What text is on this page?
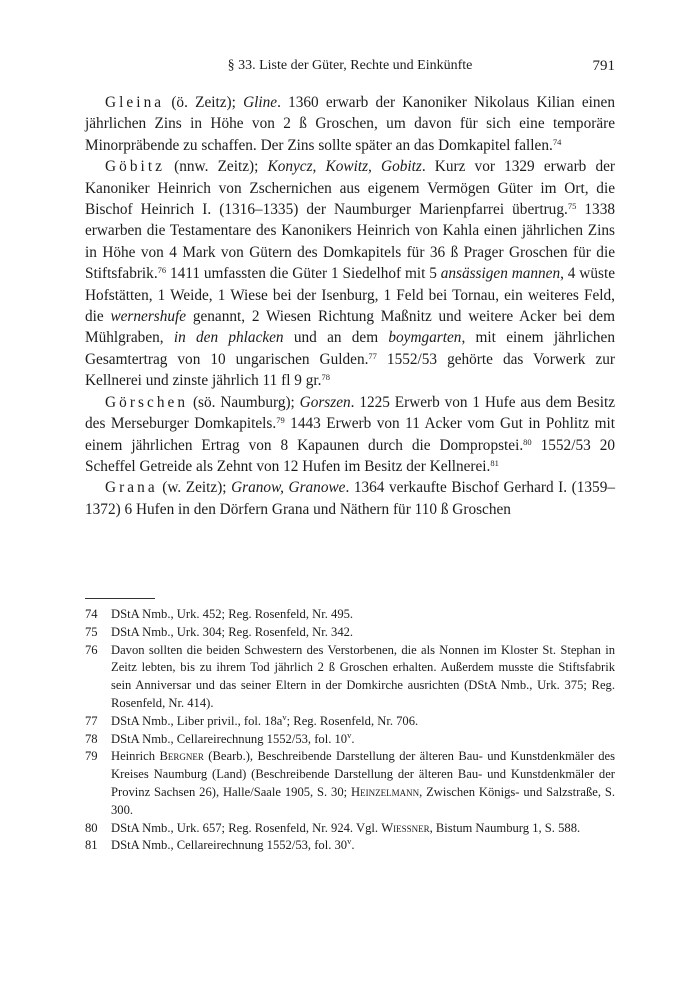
§ 33. Liste der Güter, Rechte und Einkünfte	791

Gleina (ö. Zeitz); Gline. 1360 erwarb der Kanoniker Nikolaus Kilian einen jährlichen Zins in Höhe von 2 ß Groschen, um davon für sich eine temporäre Minorpräbende zu schaffen. Der Zins sollte später an das Domkapitel fallen.$^{74}$

Göbitz (nnw. Zeitz); Konycz, Kowitz, Gobitz. Kurz vor 1329 erwarb der Kanoniker Heinrich von Zschernichen aus eigenem Vermögen Güter im Ort, die Bischof Heinrich I. (1316–1335) der Naumburger Marienpfarrei übertrug.$^{75}$ 1338 erwarben die Testamentare des Kanonikers Heinrich von Kahla einen jährlichen Zins in Höhe von 4 Mark von Gütern des Domkapitels für 36 ß Prager Groschen für die Stiftsfabrik.$^{76}$ 1411 umfassten die Güter 1 Siedelhof mit 5 ansässigen mannen, 4 wüste Hofstätten, 1 Weide, 1 Wiese bei der Isenburg, 1 Feld bei Tornau, ein weiteres Feld, die wernershufe genannt, 2 Wiesen Richtung Maßnitz und weitere Acker bei dem Mühlgraben, in den phlacken und an dem boymgarten, mit einem jährlichen Gesamtertrag von 10 ungarischen Gulden.$^{77}$ 1552/53 gehörte das Vorwerk zur Kellnerei und zinste jährlich 11 fl 9 gr.$^{78}$

Görschen (sö. Naumburg); Gorszen. 1225 Erwerb von 1 Hufe aus dem Besitz des Merseburger Domkapitels.$^{79}$ 1443 Erwerb von 11 Acker vom Gut in Pohlitz mit einem jährlichen Ertrag von 8 Kapaunen durch die Dompropstei.$^{80}$ 1552/53 20 Scheffel Getreide als Zehnt von 12 Hufen im Besitz der Kellnerei.$^{81}$

Grana (w. Zeitz); Granow, Granowe. 1364 verkaufte Bischof Gerhard I. (1359–1372) 6 Hufen in den Dörfern Grana und Näthern für 110 ß Groschen

74	DStA Nmb., Urk. 452; Reg. Rosenfeld, Nr. 495.
75	DStA Nmb., Urk. 304; Reg. Rosenfeld, Nr. 342.
76	Davon sollten die beiden Schwestern des Verstorbenen, die als Nonnen im Kloster St. Stephan in Zeitz lebten, bis zu ihrem Tod jährlich 2 ß Groschen erhalten. Außerdem musste die Stiftsfabrik sein Anniversar und das seiner Eltern in der Domkirche ausrichten (DStA Nmb., Urk. 375; Reg. Rosenfeld, Nr. 414).
77	DStA Nmb., Liber privil., fol. $18a^v$; Reg. Rosenfeld, Nr. 706.
78	DStA Nmb., Cellareirechnung 1552/53, fol. 10$^v$.
79	Heinrich Bergner (Bearb.), Beschreibende Darstellung der älteren Bau- und Kunstdenkmäler des Kreises Naumburg (Land) (Beschreibende Darstellung der älteren Bau- und Kunstdenkmäler der Provinz Sachsen 26), Halle/Saale 1905, S. 30; Heinzelmann, Zwischen Königs- und Salzstraße, S. 300.
80	DStA Nmb., Urk. 657; Reg. Rosenfeld, Nr. 924. Vgl. Wiessner, Bistum Naumburg 1, S. 588.
81	DStA Nmb., Cellareirechnung 1552/53, fol. 30$^v$.
